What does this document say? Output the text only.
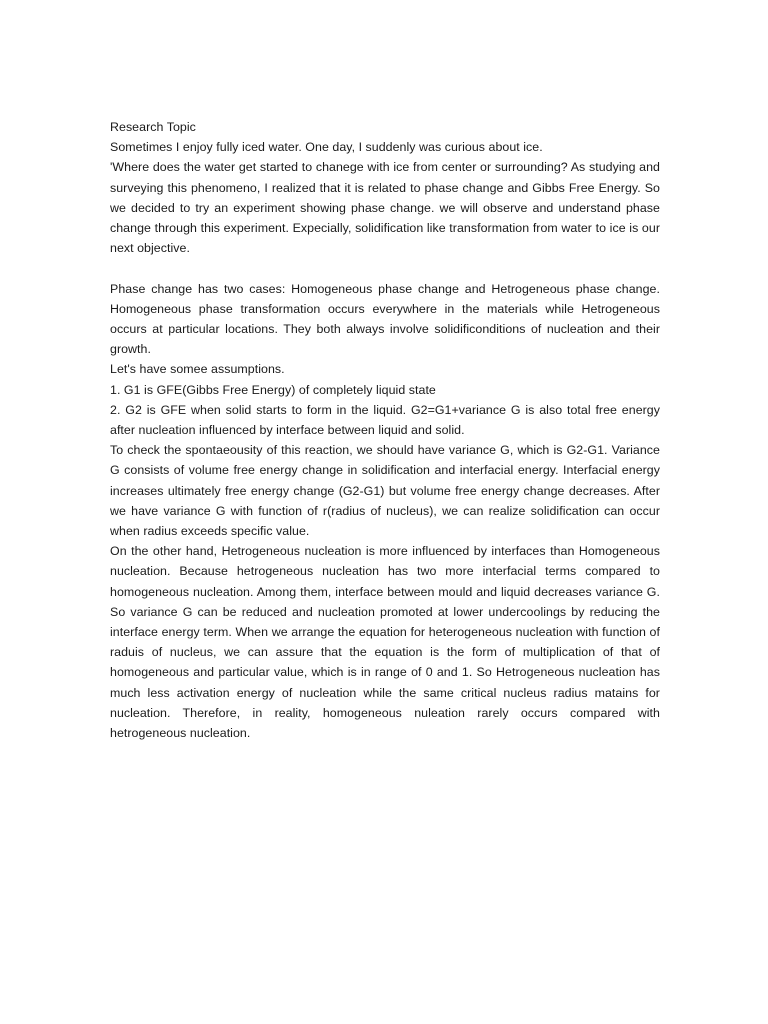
Research Topic

Sometimes I enjoy fully iced water. One day, I suddenly was curious about ice.

'Where does the water get started to chanege with ice from center or surrounding? As studying and surveying this phenomeno, I realized that it is related to phase change and Gibbs Free Energy. So we decided to try an experiment showing phase change. we will observe and understand phase change through this experiment. Expecially, solidification like transformation from water to ice is our next objective.

Phase change has two cases: Homogeneous phase change and Hetrogeneous phase change. Homogeneous phase transformation occurs everywhere in the materials while Hetrogeneous occurs at particular locations. They both always involve solidificonditions of nucleation and their growth.

Let's have somee assumptions.

1. G1 is GFE(Gibbs Free Energy) of completely liquid state

2. G2 is GFE when solid starts to form in the liquid. G2=G1+variance G is also total free energy after nucleation influenced by interface between liquid and solid.

To check the spontaeousity of this reaction, we should have variance G, which is G2-G1. Variance G consists of volume free energy change in solidification and interfacial energy. Interfacial energy increases ultimately free energy change (G2-G1) but volume free energy change decreases. After we have variance G with function of r(radius of nucleus), we can realize solidification can occur when radius exceeds specific value.

On the other hand, Hetrogeneous nucleation is more influenced by interfaces than Homogeneous nucleation. Because hetrogeneous nucleation has two more interfacial terms compared to homogeneous nucleation. Among them, interface between mould and liquid decreases variance G. So variance G can be reduced and nucleation promoted at lower undercoolings by reducing the interface energy term. When we arrange the equation for heterogeneous nucleation with function of raduis of nucleus, we can assure that the equation is the form of multiplication of that of homogeneous and particular value, which is in range of 0 and 1. So Hetrogeneous nucleation has much less activation energy of nucleation while the same critical nucleus radius matains for nucleation. Therefore, in reality, homogeneous nuleation rarely occurs compared with hetrogeneous nucleation.
